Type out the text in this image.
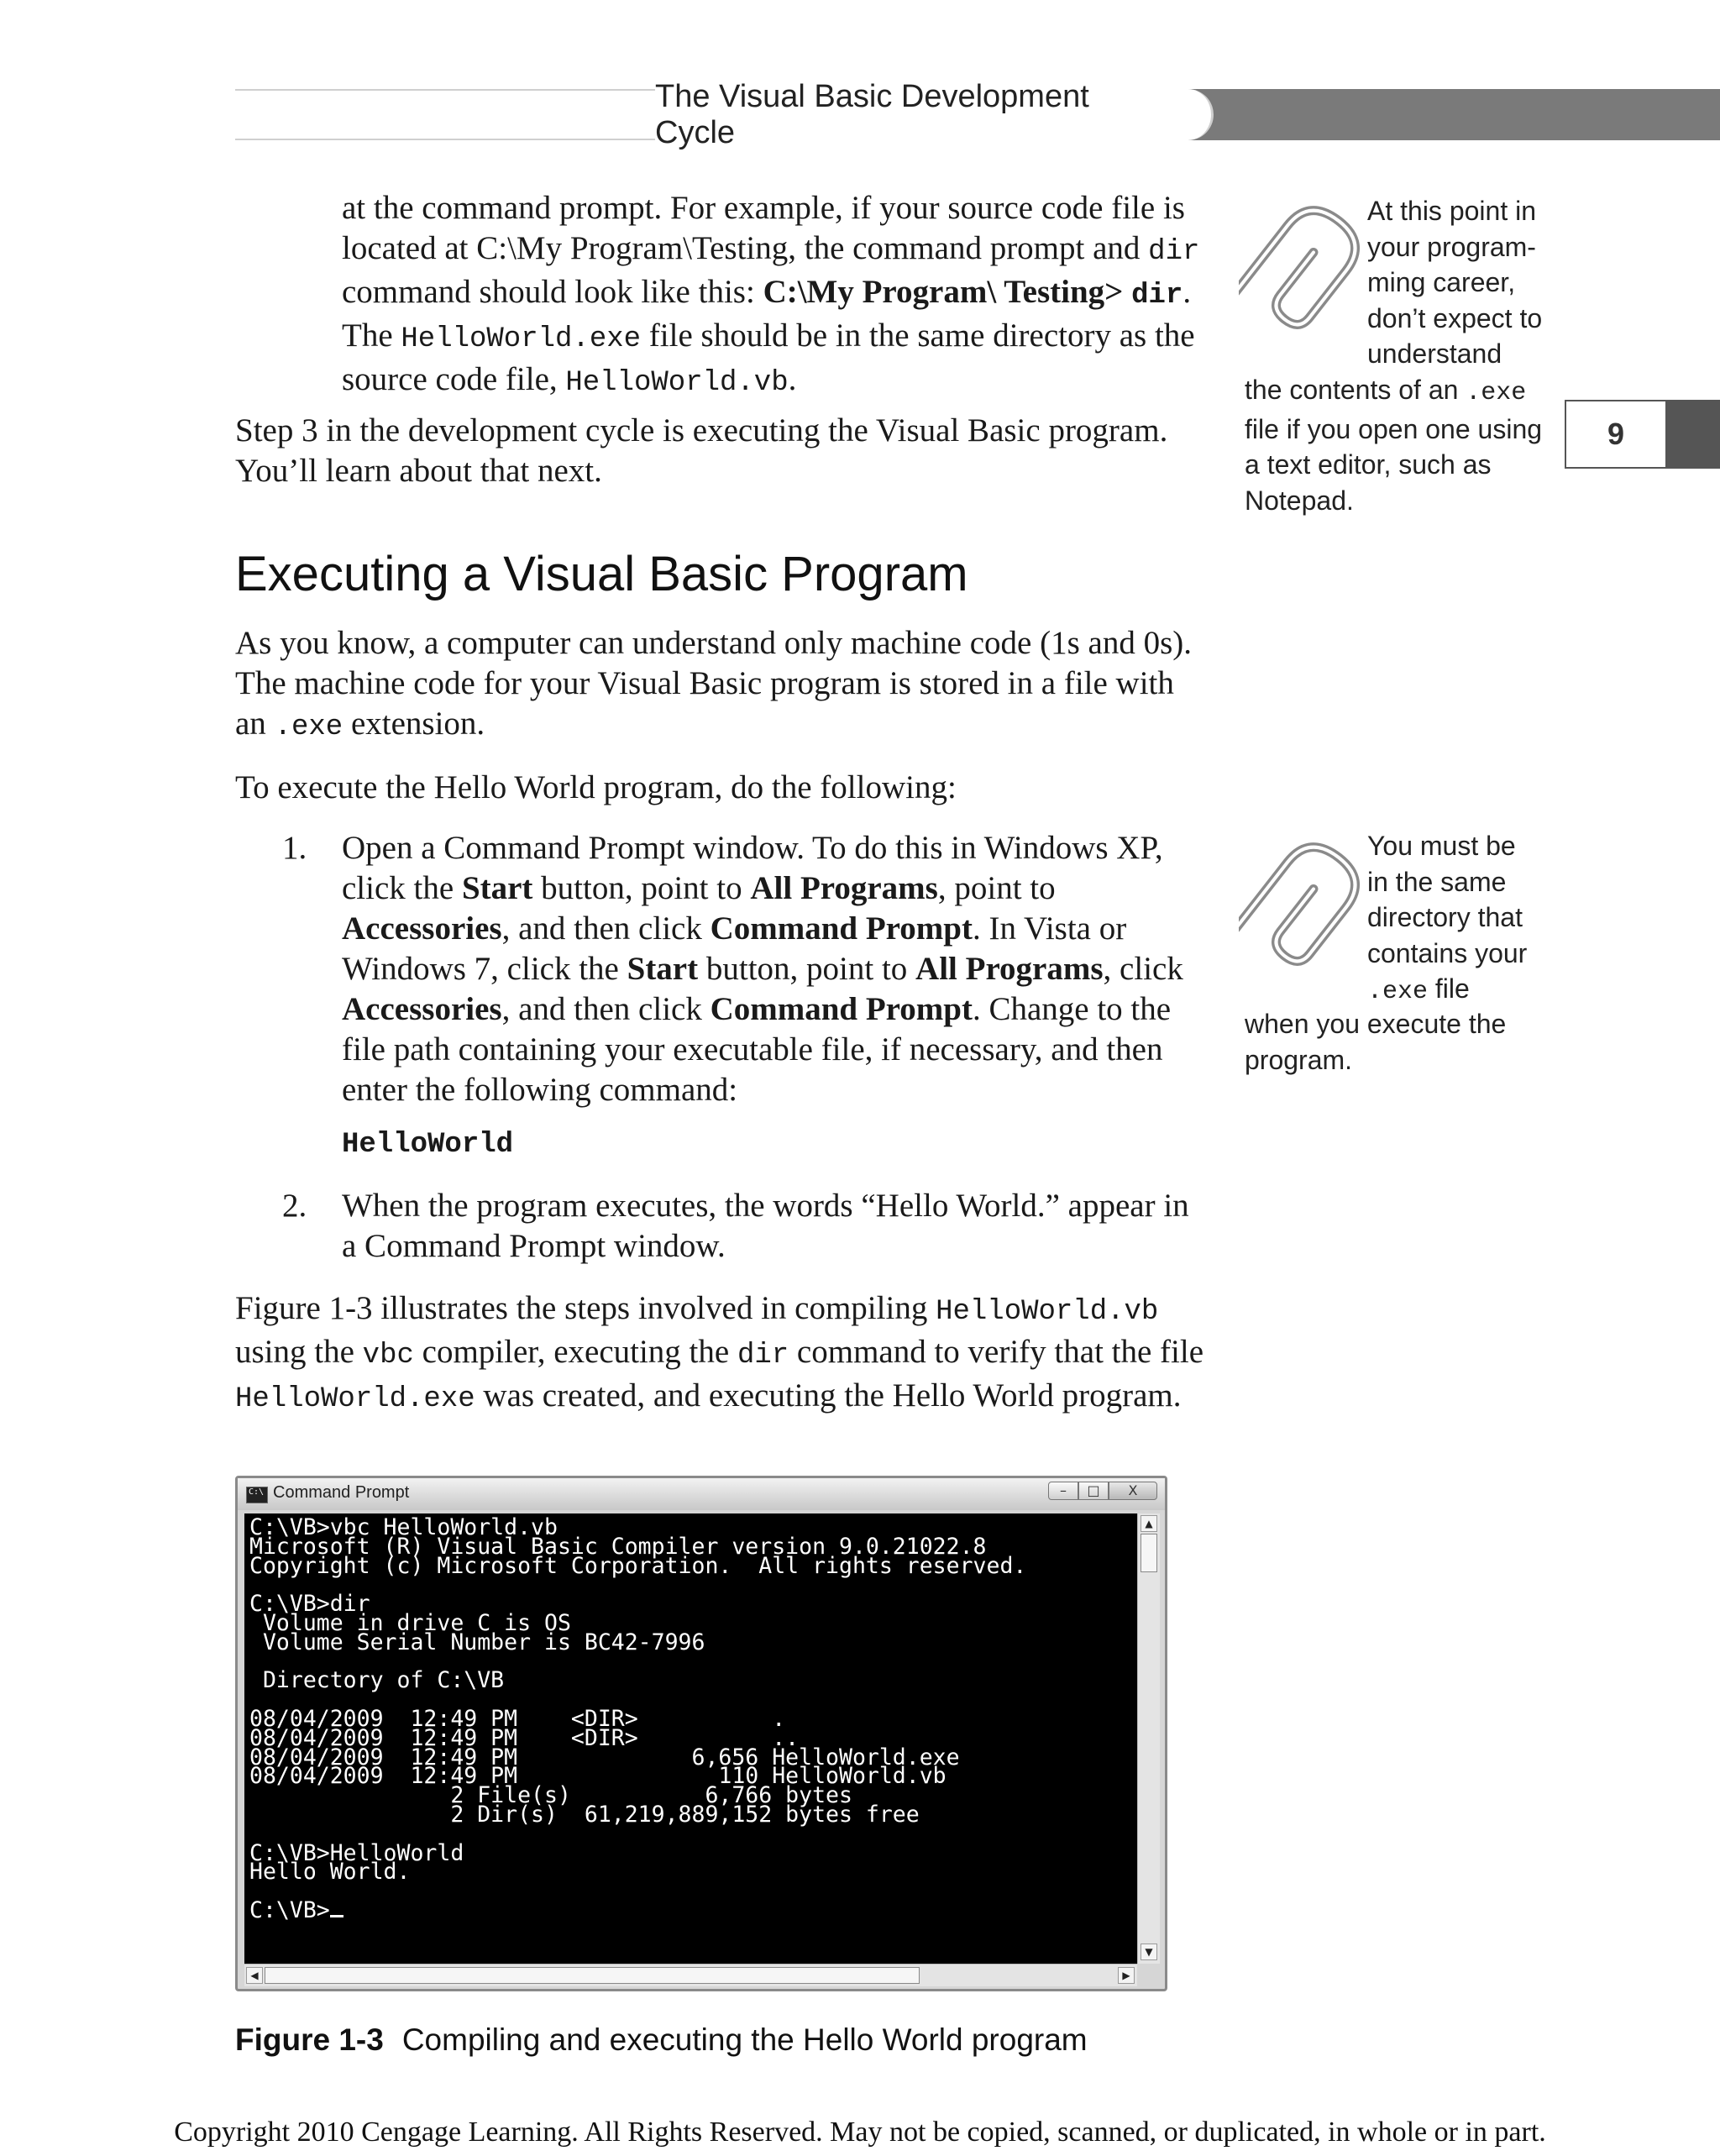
The Visual Basic Development Cycle
9

at the command prompt. For example, if your source code file is located at C:\My Program\Testing, the command prompt and dir command should look like this: C:\My Program\ Testing> dir. The HelloWorld.exe file should be in the same directory as the source code file, HelloWorld.vb.

Step 3 in the development cycle is executing the Visual Basic program. You’ll learn about that next.

Executing a Visual Basic Program

As you know, a computer can understand only machine code (1s and 0s). The machine code for your Visual Basic program is stored in a file with an .exe extension.

To execute the Hello World program, do the following:

1. Open a Command Prompt window. To do this in Windows XP, click the Start button, point to All Programs, point to Accessories, and then click Command Prompt. In Vista or Windows 7, click the Start button, point to All Programs, click Accessories, and then click Command Prompt. Change to the file path containing your executable file, if necessary, and then enter the following command:

HelloWorld
2. When the program executes, the words “Hello World.” appear in a Command Prompt window.

Figure 1-3 illustrates the steps involved in compiling HelloWorld.vb using the vbc compiler, executing the dir command to verify that the file HelloWorld.exe was created, and executing the Hello World program.

At this point in your program-ming career, don’t expect to understand
the contents of an .exe file if you open one using a text editor, such as Notepad.
You must be in the same directory that contains your .exe file
when you execute the program.
C:\ Command Prompt	–	□	X
C:\VB>vbc HelloWorld.vb
Microsoft (R) Visual Basic Compiler version 9.0.21022.8
Copyright (c) Microsoft Corporation.  All rights reserved.

C:\VB>dir
Volume in drive C is OS
Volume Serial Number is BC42-7996

Directory of C:\VB

08/04/2009  12:49 PM    <DIR>          .
08/04/2009  12:49 PM    <DIR>          ..
08/04/2009  12:49 PM             6,656 HelloWorld.exe
08/04/2009  12:49 PM               110 HelloWorld.vb
2 File(s)          6,766 bytes
2 Dir(s)  61,219,889,152 bytes free

C:\VB>HelloWorld
Hello World.

C:\VB>
▲
▼
◀	▶
Figure 1-3 Compiling and executing the Hello World program
Copyright 2010 Cengage Learning. All Rights Reserved. May not be copied, scanned, or duplicated, in whole or in part.
